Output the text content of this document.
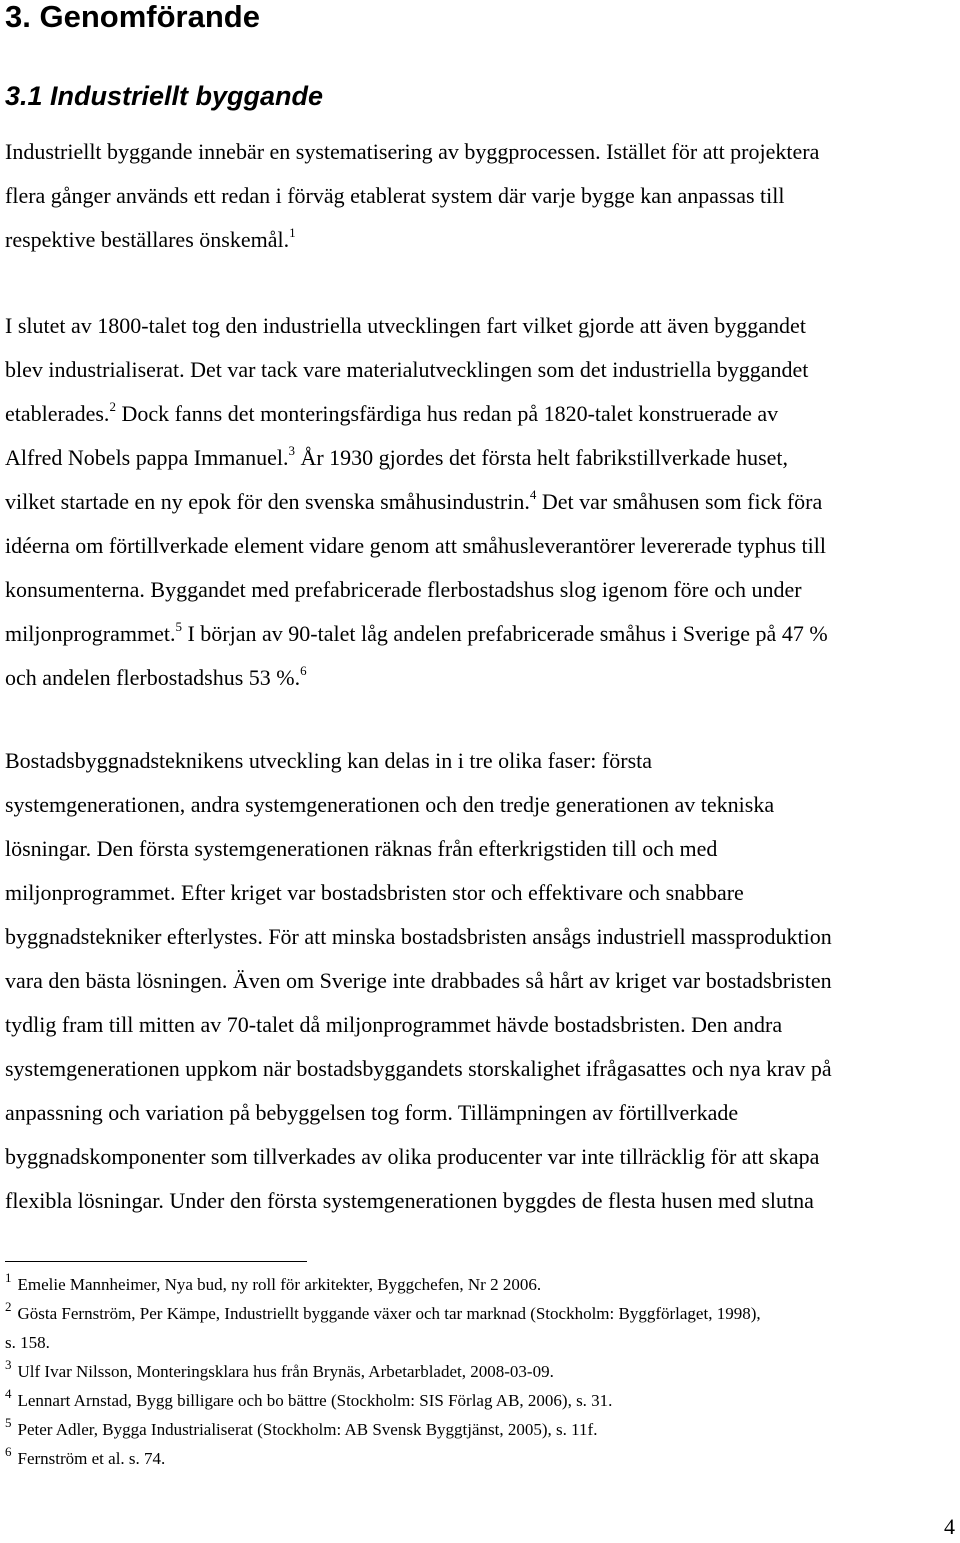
3. Genomförande
3.1 Industriellt byggande
Industriellt byggande innebär en systematisering av byggprocessen. Istället för att projektera
flera gånger används ett redan i förväg etablerat system där varje bygge kan anpassas till
respektive beställares önskemål.$^1$
I slutet av 1800-talet tog den industriella utvecklingen fart vilket gjorde att även byggandet
blev industrialiserat. Det var tack vare materialutvecklingen som det industriella byggandet
etablerades.$^2$ Dock fanns det monteringsfärdiga hus redan på 1820-talet konstruerade av
Alfred Nobels pappa Immanuel.$^3$ År 1930 gjordes det första helt fabrikstillverkade huset,
vilket startade en ny epok för den svenska småhusindustrin.$^4$ Det var småhusen som fick föra
idéerna om förtillverkade element vidare genom att småhusleverantörer levererade typhus till
konsumenterna. Byggandet med prefabricerade flerbostadshus slog igenom före och under
miljonprogrammet.$^5$ I början av 90-talet låg andelen prefabricerade småhus i Sverige på 47 %
och andelen flerbostadshus 53 %.$^6$
Bostadsbyggnadsteknikens utveckling kan delas in i tre olika faser: första
systemgenerationen, andra systemgenerationen och den tredje generationen av tekniska
lösningar. Den första systemgenerationen räknas från efterkrigstiden till och med
miljonprogrammet. Efter kriget var bostadsbristen stor och effektivare och snabbare
byggnadstekniker efterlystes. För att minska bostadsbristen ansågs industriell massproduktion
vara den bästa lösningen. Även om Sverige inte drabbades så hårt av kriget var bostadsbristen
tydlig fram till mitten av 70-talet då miljonprogrammet hävde bostadsbristen. Den andra
systemgenerationen uppkom när bostadsbyggandets storskalighet ifrågasattes och nya krav på
anpassning och variation på bebyggelsen tog form. Tillämpningen av förtillverkade
byggnadskomponenter som tillverkades av olika producenter var inte tillräcklig för att skapa
flexibla lösningar. Under den första systemgenerationen byggdes de flesta husen med slutna
$^1$ Emelie Mannheimer, Nya bud, ny roll för arkitekter, Byggchefen, Nr 2 2006.
$^2$ Gösta Fernström, Per Kämpe, Industriellt byggande växer och tar marknad (Stockholm: Byggförlaget, 1998),
s. 158.
$^3$ Ulf Ivar Nilsson, Monteringsklara hus från Brynäs, Arbetarbladet, 2008-03-09.
$^4$ Lennart Arnstad, Bygg billigare och bo bättre (Stockholm: SIS Förlag AB, 2006), s. 31.
$^5$ Peter Adler, Bygga Industrialiserat (Stockholm: AB Svensk Byggtjänst, 2005), s. 11f.
$^6$ Fernström et al. s. 74.
4
